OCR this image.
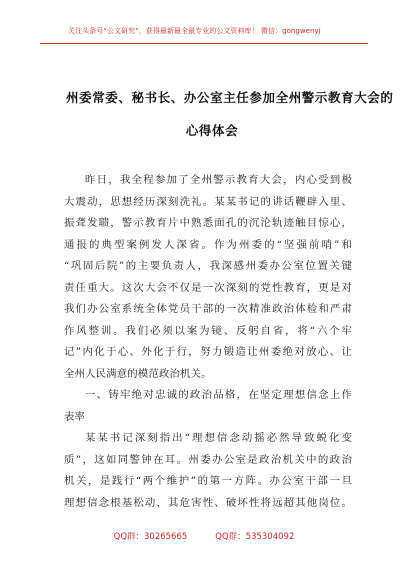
关注头条号“公文研究”，获得最新最全最专业的公文资料库！ 微信：gongwenyj
州委常委、秘书长、办公室主任参加全州警示教育大会的
心得体会
昨日，我全程参加了全州警示教育大会，内心受到极
大震动，思想经历深刻洗礼。某某书记的讲话鞭辟入里、
振聋发聩，警示教育片中熟悉面孔的沉沦轨迹触目惊心，
通报的典型案例发人深省。作为州委的“坚强前哨”和
“巩固后院”的主要负责人，我深感州委办公室位置关键
责任重大。这次大会不仅是一次深刻的党性教育，更是对
我们办公室系统全体党员干部的一次精准政治体检和严肃
作风整训。我们必须以案为镜、反躬自省，将“六个牢
记”内化于心、外化于行，努力锻造让州委绝对放心、让
全州人民满意的模范政治机关。
一、铸牢绝对忠诚的政治品格，在坚定理想信念上作
表率
某某书记深刻指出“理想信念动摇必然导致蜕化变
质”，这如同警钟在耳。州委办公室是政治机关中的政治
机关，是践行“两个维护”的第一方阵。办公室干部一旦
理想信念根基松动，其危害性、破坏性将远超其他岗位。
QQ群：30265665	QQ群：535304092
